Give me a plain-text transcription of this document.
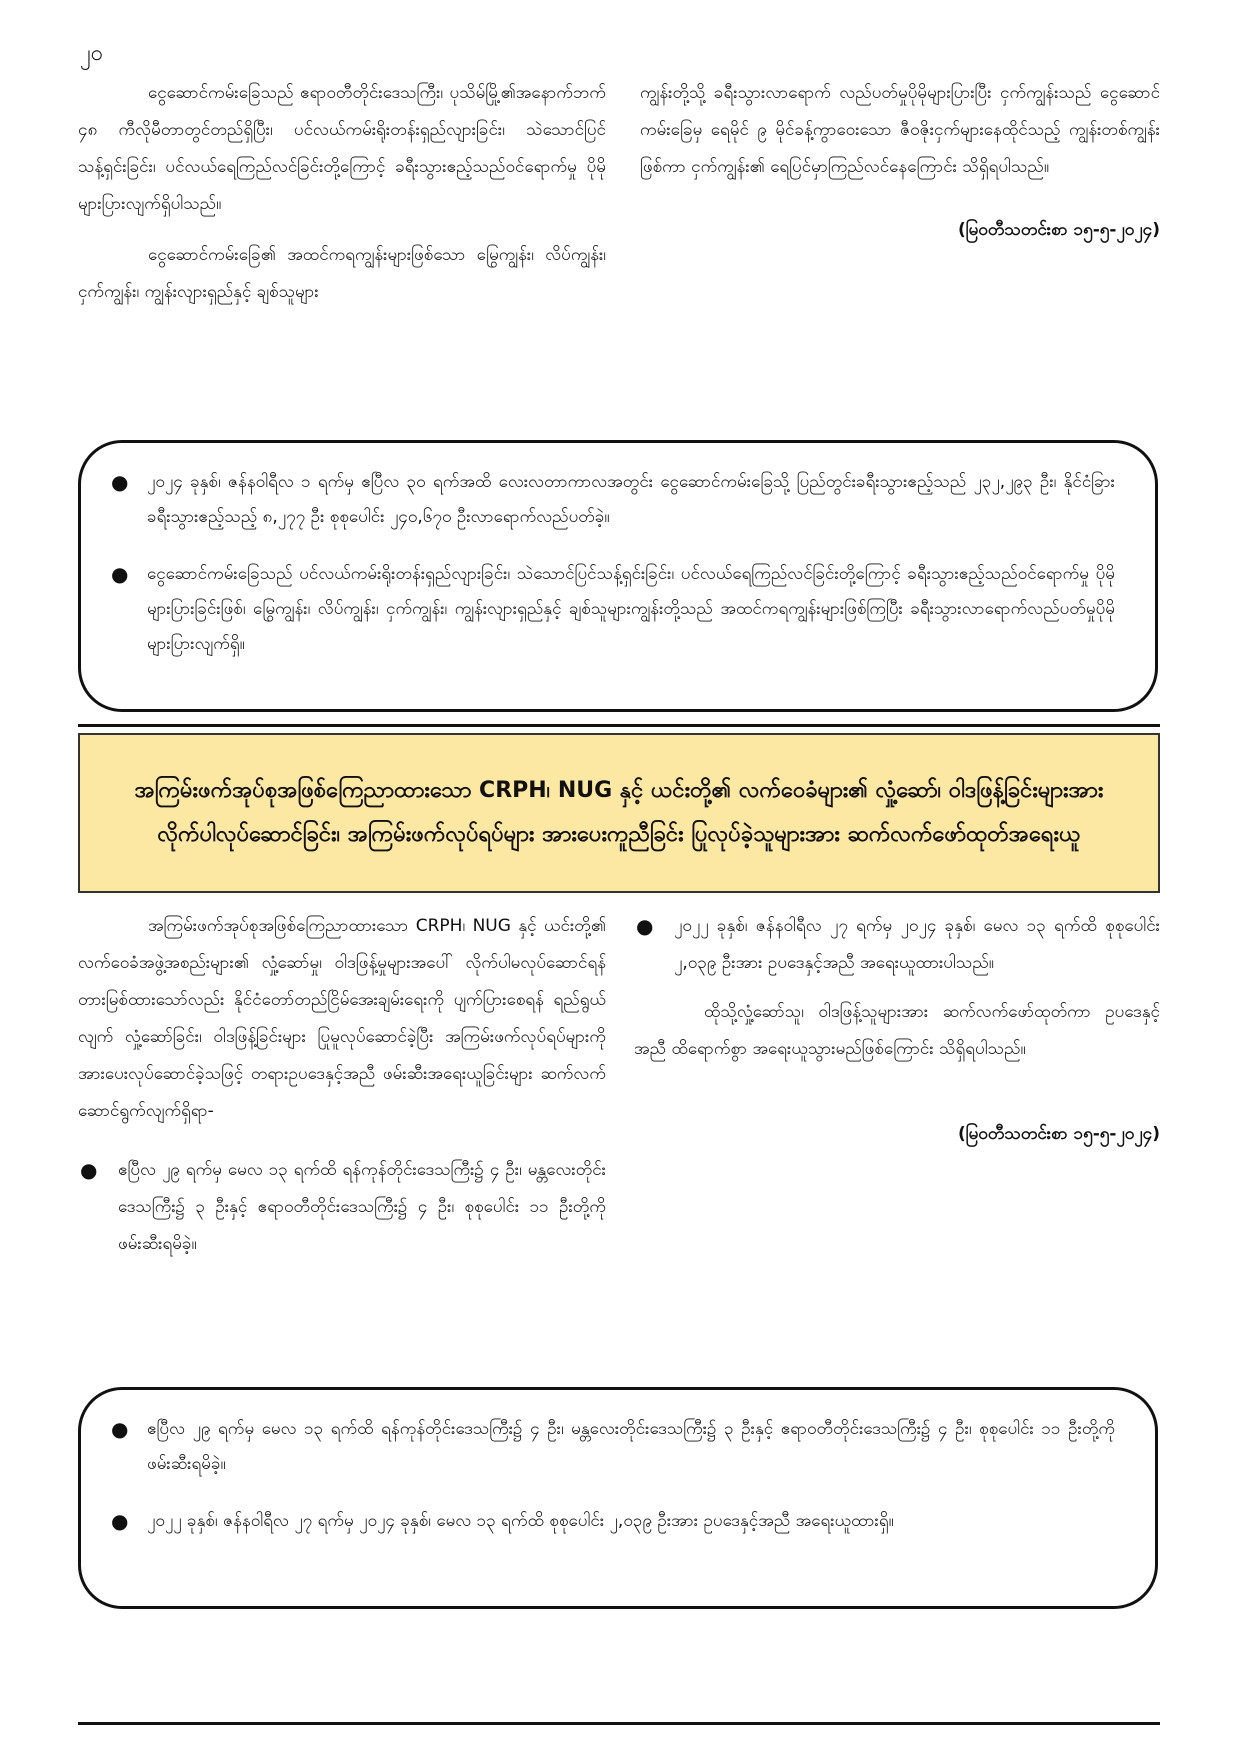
၂၀

ငွေဆောင်ကမ်းခြေသည် ဧရာဝတီတိုင်းဒေသကြီး၊ ပုသိမ်မြို့၏အနောက်ဘက် ၄၈ ကီလိုမီတာတွင်တည်ရှိပြီး၊ ပင်လယ်ကမ်းရိုးတန်းရှည်လျားခြင်း၊ သဲသောင်ပြင် သန့်ရှင်းခြင်း၊ ပင်လယ်ရေကြည်လင်ခြင်းတို့ကြောင့် ခရီးသွားဧည့်သည်ဝင်ရောက်မှု ပိုမိုများပြားလျက်ရှိပါသည်။

ငွေဆောင်ကမ်းခြေ၏ အထင်ကရကျွန်းများဖြစ်သော မြွေကျွန်း၊ လိပ်ကျွန်း၊ ငှက်ကျွန်း၊ ကျွန်းလျားရှည်နှင့် ချစ်သူများ

ကျွန်းတို့သို့ ခရီးသွားလာရောက် လည်ပတ်မှုပိုမိုများပြားပြီး ငှက်ကျွန်းသည် ငွေဆောင်ကမ်းခြေမှ ရေမိုင် ၉ မိုင်ခန့်ကွာဝေးသော ဇီဝဇိုးငှက်များနေထိုင်သည့် ကျွန်းတစ်ကျွန်းဖြစ်ကာ ငှက်ကျွန်း၏ ရေပြင်မှာကြည်လင်နေကြောင်း သိရှိရပါသည်။

(မြဝတီသတင်းစာ ၁၅-၅-၂၀၂၄)

● ၂၀၂၄ ခုနှစ်၊ ဇန်နဝါရီလ ၁ ရက်မှ ဧပြီလ ၃၀ ရက်အထိ လေးလတာကာလအတွင်း ငွေဆောင်ကမ်းခြေသို့ ပြည်တွင်းခရီးသွားဧည့်သည် ၂၃၂,၂၉၃ ဦး၊ နိုင်ငံခြားခရီးသွားဧည့်သည့် ၈,၂၇၇ ဦး စုစုပေါင်း ၂၄၀,၆၇၀ ဦးလာရောက်လည်ပတ်ခဲ့။
● ငွေဆောင်ကမ်းခြေသည် ပင်လယ်ကမ်းရိုးတန်းရှည်လျားခြင်း၊ သဲသောင်ပြင်သန့်ရှင်းခြင်း၊ ပင်လယ်ရေကြည်လင်ခြင်းတို့ကြောင့် ခရီးသွားဧည့်သည်ဝင်ရောက်မှု ပိုမိုများပြားခြင်းဖြစ်၊ မြွေကျွန်း၊ လိပ်ကျွန်း၊ ငှက်ကျွန်း၊ ကျွန်းလျားရှည်နှင့် ချစ်သူများကျွန်းတို့သည် အထင်ကရကျွန်းများဖြစ်ကြပြီး ခရီးသွားလာရောက်လည်ပတ်မှုပိုမိုများပြားလျက်ရှိ။
အကြမ်းဖက်အုပ်စုအဖြစ်ကြေညာထားသော CRPH၊ NUG နှင့် ယင်းတို့၏ လက်ဝေခံများ၏ လှုံ့ဆော်၊ ဝါဒဖြန့်ခြင်းများအား လိုက်ပါလုပ်ဆောင်ခြင်း၊ အကြမ်းဖက်လုပ်ရပ်များ အားပေးကူညီခြင်း ပြုလုပ်ခဲ့သူများအား ဆက်လက်ဖော်ထုတ်အရေးယူ

အကြမ်းဖက်အုပ်စုအဖြစ်ကြေညာထားသော CRPH၊ NUG နှင့် ယင်းတို့၏ လက်ဝေခံအဖွဲ့အစည်းများ၏ လှုံ့ဆော်မှု၊ ဝါဒဖြန့်မှုများအပေါ် လိုက်ပါမလုပ်ဆောင်ရန် တားမြစ်ထားသော်လည်း နိုင်ငံတော်တည်ငြိမ်အေးချမ်းရေးကို ပျက်ပြားစေရန် ရည်ရွယ်လျက် လှုံ့ဆော်ခြင်း၊ ဝါဒဖြန့်ခြင်းများ ပြုမူလုပ်ဆောင်ခဲ့ပြီး အကြမ်းဖက်လုပ်ရပ်များကို အားပေးလုပ်ဆောင်ခဲ့သဖြင့် တရားဥပဒေနှင့်အညီ ဖမ်းဆီးအရေးယူခြင်းများ ဆက်လက်ဆောင်ရွက်လျက်ရှိရာ-

● ဧပြီလ ၂၉ ရက်မှ မေလ ၁၃ ရက်ထိ ရန်ကုန်တိုင်းဒေသကြီး၌ ၄ ဦး၊ မန္တလေးတိုင်းဒေသကြီး၌ ၃ ဦးနှင့် ဧရာဝတီတိုင်းဒေသကြီး၌ ၄ ဦး၊ စုစုပေါင်း ၁၁ ဦးတို့ကို ဖမ်းဆီးရမိခဲ့။
● ၂၀၂၂ ခုနှစ်၊ ဇန်နဝါရီလ ၂၇ ရက်မှ ၂၀၂၄ ခုနှစ်၊ မေလ ၁၃ ရက်ထိ စုစုပေါင်း ၂,၀၃၉ ဦးအား ဥပဒေနှင့်အညီ အရေးယူထားပါသည်။

ထိုသို့လှုံ့ဆော်သူ၊ ဝါဒဖြန့်သူများအား ဆက်လက်ဖော်ထုတ်ကာ ဥပဒေနှင့်အညီ ထိရောက်စွာ အရေးယူသွားမည်ဖြစ်ကြောင်း သိရှိရပါသည်။

(မြဝတီသတင်းစာ ၁၅-၅-၂၀၂၄)

● ဧပြီလ ၂၉ ရက်မှ မေလ ၁၃ ရက်ထိ ရန်ကုန်တိုင်းဒေသကြီး၌ ၄ ဦး၊ မန္တလေးတိုင်းဒေသကြီး၌ ၃ ဦးနှင့် ဧရာဝတီတိုင်းဒေသကြီး၌ ၄ ဦး၊ စုစုပေါင်း ၁၁ ဦးတို့ကို ဖမ်းဆီးရမိခဲ့။
● ၂၀၂၂ ခုနှစ်၊ ဇန်နဝါရီလ ၂၇ ရက်မှ ၂၀၂၄ ခုနှစ်၊ မေလ ၁၃ ရက်ထိ စုစုပေါင်း ၂,၀၃၉ ဦးအား ဥပဒေနှင့်အညီ အရေးယူထားရှိ။
